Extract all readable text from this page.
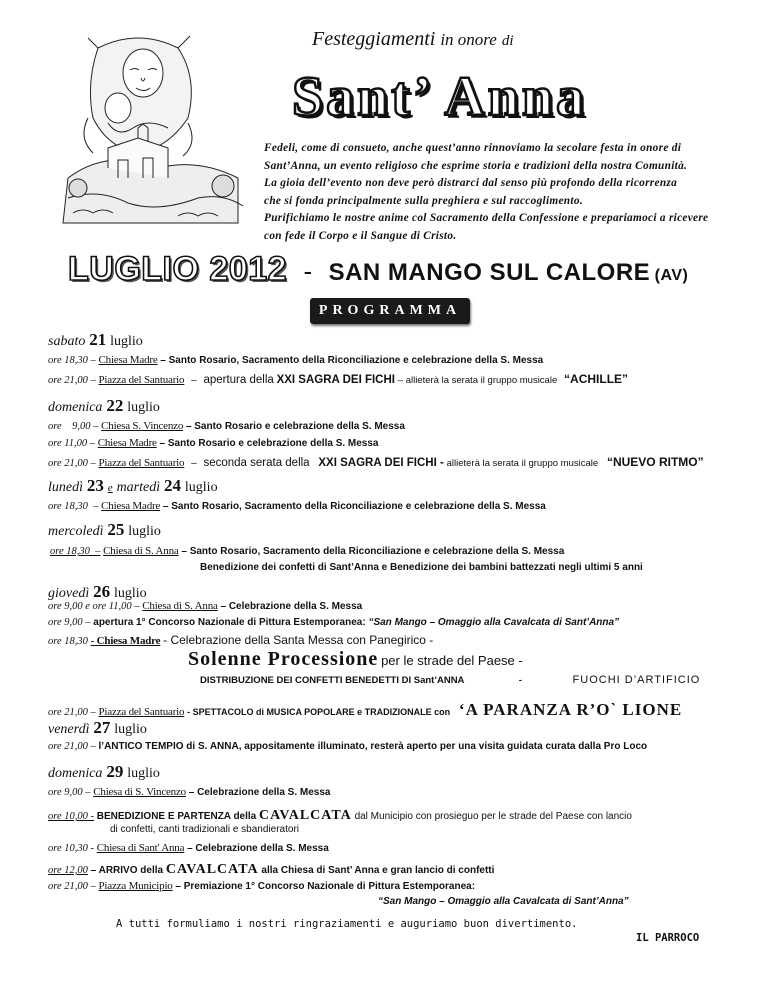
Festeggiamenti in onore di
Sant’ Anna
Fedeli, come di consueto, anche quest’anno rinnoviamo la secolare festa in onore di
Sant’Anna, un evento religioso che esprime storia e tradizioni della nostra Comunità.
La gioia dell’evento non deve però distrarci dal senso più profondo della ricorrenza
che si fonda principalmente sulla preghiera e sul raccoglimento.
Purifichiamo le nostre anime col Sacramento della Confessione e prepariamoci a ricevere
con fede il Corpo e il Sangue di Cristo.
LUGLIO 2012 - SAN MANGO SUL CALORE (AV)
PROGRAMMA
sabato 21 luglio
ore 18,30 – Chiesa Madre – Santo Rosario, Sacramento della Riconciliazione e celebrazione della S. Messa
ore 21,00 – Piazza del Santuario – apertura della XXI SAGRA DEI FICHI – allieterà la serata il gruppo musicale “ACHILLE”
domenica 22 luglio
ore    9,00 – Chiesa S. Vincenzo – Santo Rosario e celebrazione della S. Messa
ore 11,00 – Chiesa Madre – Santo Rosario e celebrazione della S. Messa
ore 21,00 – Piazza del Santuario – seconda serata della XXI SAGRA DEI FICHI - allieterà la serata il gruppo musicale “NUEVO RITMO”
lunedì 23 e martedì 24 luglio
ore 18,30  – Chiesa Madre – Santo Rosario, Sacramento della Riconciliazione e celebrazione della S. Messa
mercoledì 25 luglio
ore 18,30  – Chiesa di S. Anna – Santo Rosario, Sacramento della Riconciliazione e celebrazione della S. Messa
Benedizione dei confetti di Sant’Anna e Benedizione dei bambini battezzati negli ultimi 5 anni
giovedì 26 luglio
ore 9,00 e ore 11,00 – Chiesa di S. Anna – Celebrazione della S. Messa
ore 9,00 – apertura 1° Concorso Nazionale di Pittura Estemporanea: “San Mango – Omaggio alla Cavalcata di Sant’Anna”
ore 18,30 - Chiesa Madre - Celebrazione della Santa Messa con Panegirico -
Solenne Processione per le strade del Paese -
DISTRIBUZIONE DEI CONFETTI BENEDETTI DI Sant’ANNA	-	FUOCHI D’ARTIFICIO
ore 21,00 – Piazza del Santuario - SPETTACOLO di MUSICA POPOLARE e TRADIZIONALE con ‘A PARANZA R’O` LIONE
venerdì 27 luglio
ore 21,00 – l’ANTICO TEMPIO di S. ANNA, appositamente illuminato, resterà aperto per una visita guidata curata dalla Pro Loco
domenica 29 luglio
ore 9,00 – Chiesa di S. Vincenzo – Celebrazione della S. Messa
ore 10,00 - BENEDIZIONE E PARTENZA della CAVALCATA dal Municipio con prosieguo per le strade del Paese con lancio
di confetti, canti tradizionali e sbandieratori
ore 10,30 - Chiesa di Sant' Anna – Celebrazione della S. Messa
ore 12,00 – ARRIVO della CAVALCATA alla Chiesa di Sant’ Anna e gran lancio di confetti
ore 21,00 – Piazza Municipio – Premiazione 1° Concorso Nazionale di Pittura Estemporanea:
“San Mango – Omaggio alla Cavalcata di Sant’Anna”
A tutti formuliamo i nostri ringraziamenti e auguriamo buon divertimento.
IL PARROCO
